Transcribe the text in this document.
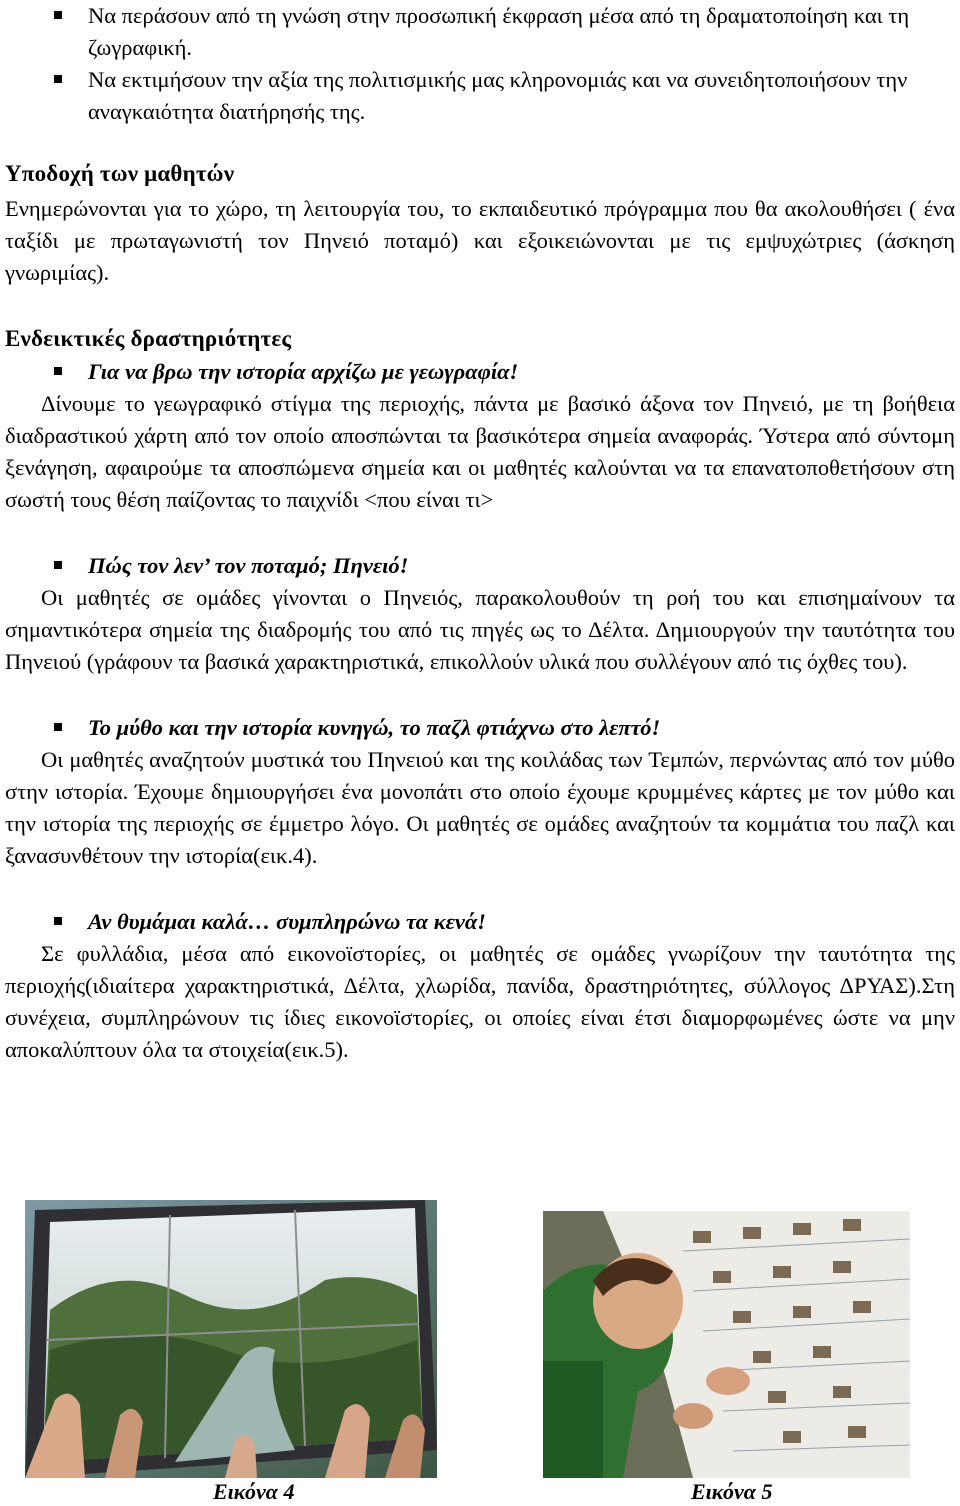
Να περάσουν από τη γνώση στην προσωπική έκφραση μέσα από τη δραματοποίηση και τη ζωγραφική.

Να εκτιμήσουν την αξία της πολιτισμικής μας κληρονομιάς και να συνειδητοποιήσουν την αναγκαιότητα διατήρησής της.

Υποδοχή των μαθητών

Ενημερώνονται για το χώρο, τη λειτουργία του, το εκπαιδευτικό πρόγραμμα που θα ακολουθήσει ( ένα ταξίδι με πρωταγωνιστή τον Πηνειό ποταμό) και εξοικειώνονται με τις εμψυχώτριες (άσκηση γνωριμίας).

Ενδεικτικές δραστηριότητες

Για να βρω την ιστορία αρχίζω με γεωγραφία!

Δίνουμε το γεωγραφικό στίγμα της περιοχής, πάντα με βασικό άξονα τον Πηνειό, με τη βοήθεια διαδραστικού χάρτη από τον οποίο αποσπώνται τα βασικότερα σημεία αναφοράς. Ύστερα από σύντομη ξενάγηση, αφαιρούμε τα αποσπώμενα σημεία και οι μαθητές καλούνται να τα επανατοποθετήσουν στη σωστή τους θέση παίζοντας το παιχνίδι <που είναι τι>

Πώς τον λεν’ τον ποταμό; Πηνειό!

Οι μαθητές σε ομάδες γίνονται ο Πηνειός, παρακολουθούν τη ροή του και επισημαίνουν τα σημαντικότερα σημεία της διαδρομής του από τις πηγές ως το Δέλτα. Δημιουργούν την ταυτότητα του Πηνειού (γράφουν τα βασικά χαρακτηριστικά, επικολλούν υλικά που συλλέγουν από τις όχθες του).

Το μύθο και την ιστορία κυνηγώ, το παζλ φτιάχνω στο λεπτό!

Οι μαθητές αναζητούν μυστικά του Πηνειού και της κοιλάδας των Τεμπών, περνώντας από τον μύθο στην ιστορία. Έχουμε δημιουργήσει ένα μονοπάτι στο οποίο έχουμε κρυμμένες κάρτες με τον μύθο και την ιστορία της περιοχής σε έμμετρο λόγο. Οι μαθητές σε ομάδες αναζητούν τα κομμάτια του παζλ και ξανασυνθέτουν την ιστορία(εικ.4).

Αν θυμάμαι καλά… συμπληρώνω τα κενά!

Σε φυλλάδια, μέσα από εικονοϊστορίες, οι μαθητές σε ομάδες γνωρίζουν την ταυτότητα της περιοχής(ιδιαίτερα χαρακτηριστικά, Δέλτα, χλωρίδα, πανίδα, δραστηριότητες, σύλλογος ΔΡΥΑΣ).Στη συνέχεια, συμπληρώνουν τις ίδιες εικονοϊστορίες, οι οποίες είναι έτσι διαμορφωμένες ώστε να μην αποκαλύπτουν όλα τα στοιχεία(εικ.5).

Εικόνα 4	Εικόνα 5
